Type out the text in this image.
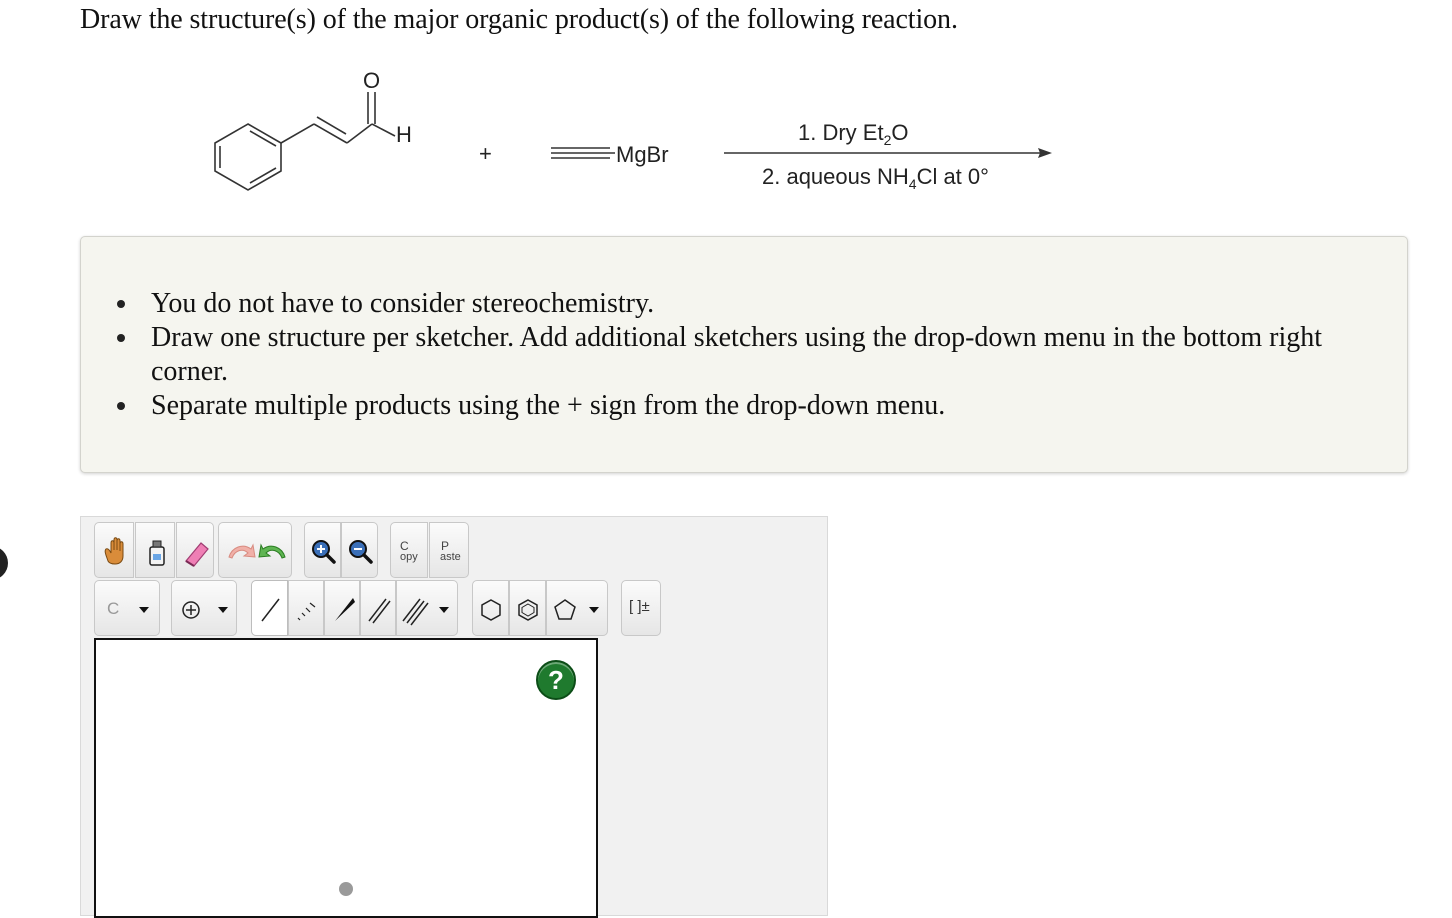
Draw the structure(s) of the major organic product(s) of the following reaction.
O
H
+	MgBr
1. Dry $Et_2O$
2. aqueous $NH_4Cl$ at 0°
You do not have to consider stereochemistry.
Draw one structure per sketcher. Add additional sketchers using the drop-down menu in the bottom right corner.
Separate multiple products using the + sign from the drop-down menu.
C
opy
P
aste
C	[ ]±
?
